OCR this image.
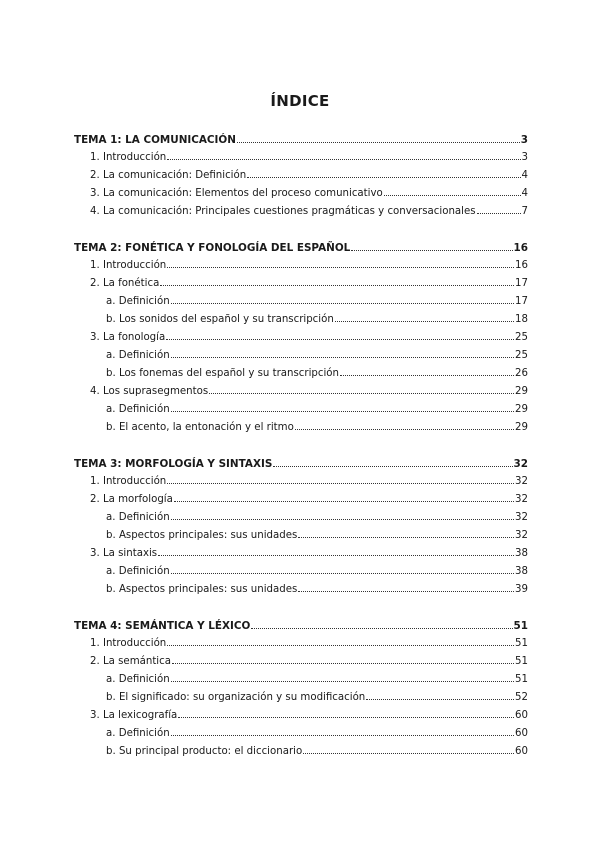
ÍNDICE
TEMA 1: LA COMUNICACIÓN	3
1. Introducción	3
2. La comunicación: Definición	4
3. La comunicación: Elementos del proceso comunicativo	4
4. La comunicación: Principales cuestiones pragmáticas y conversacionales	7
TEMA 2: FONÉTICA Y FONOLOGÍA DEL ESPAÑOL	16
1. Introducción	16
2. La fonética	17
a. Definición	17
b. Los sonidos del español y su transcripción	18
3. La fonología	25
a. Definición	25
b. Los fonemas del español y su transcripción	26
4. Los suprasegmentos	29
a. Definición	29
b. El acento, la entonación y el ritmo	29
TEMA 3: MORFOLOGÍA Y SINTAXIS	32
1. Introducción	32
2. La morfología	32
a. Definición	32
b. Aspectos principales: sus unidades	32
3. La sintaxis	38
a. Definición	38
b. Aspectos principales: sus unidades	39
TEMA 4: SEMÁNTICA Y LÉXICO	51
1. Introducción	51
2. La semántica	51
a. Definición	51
b. El significado: su organización y su modificación	52
3. La lexicografía	60
a. Definición	60
b. Su principal producto: el diccionario	60
